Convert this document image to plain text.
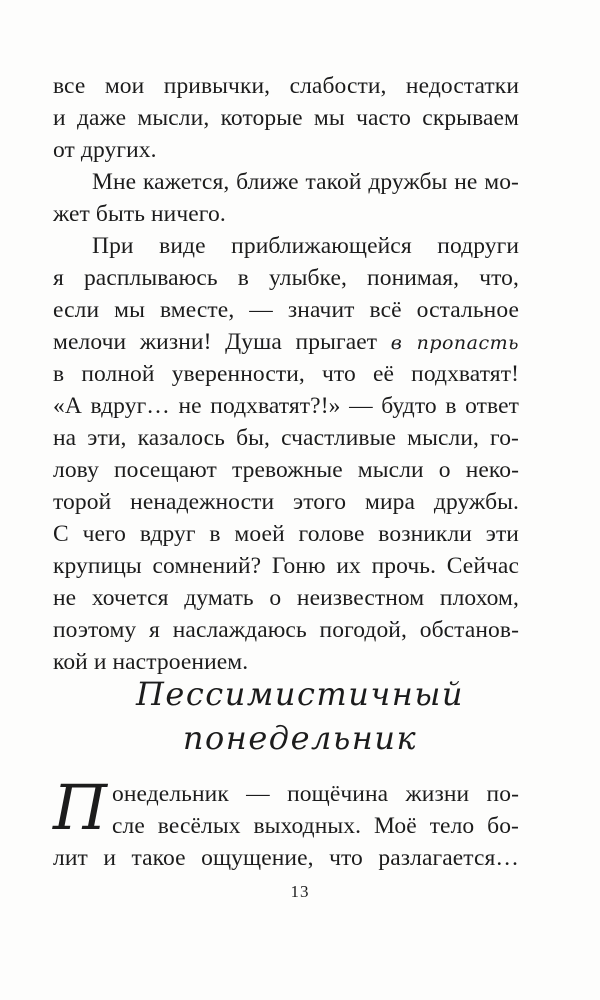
все мои привычки, слабости, недостатки
и даже мысли, которые мы часто скрываем
от других.
Мне кажется, ближе такой дружбы не мо-
жет быть ничего.
При виде приближающейся подруги
я расплываюсь в улыбке, понимая, что,
если мы вместе, — значит всё остальное
мелочи жизни! Душа прыгает в пропасть
в полной уверенности, что её подхватят!
«А вдруг… не подхватят?!» — будто в ответ
на эти, казалось бы, счастливые мысли, го-
лову посещают тревожные мысли о неко-
торой ненадежности этого мира дружбы.
С чего вдруг в моей голове возникли эти
крупицы сомнений? Гоню их прочь. Сейчас
не хочется думать о неизвестном плохом,
поэтому я наслаждаюсь погодой, обстанов-
кой и настроением.
Пессимистичный
понедельник
П онедельник — пощёчина жизни по-
сле весёлых выходных. Моё тело бо-
лит и такое ощущение, что разлагается…
13
